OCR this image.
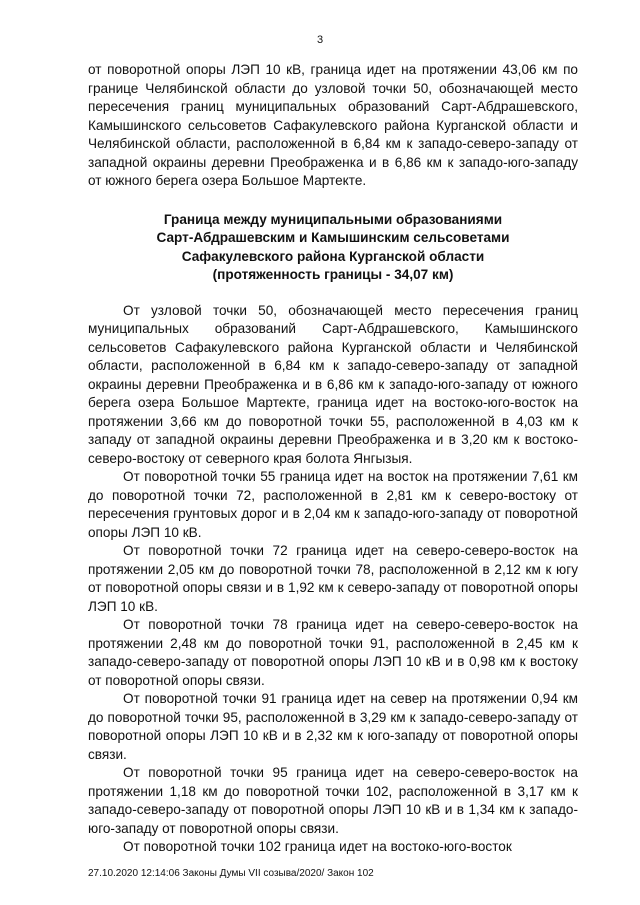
3

от поворотной опоры ЛЭП 10 кВ, граница идет на протяжении 43,06 км по границе Челябинской области до узловой точки 50, обозначающей место пересечения границ муниципальных образований Сарт-Абдрашевского, Камышинского сельсоветов Сафакулевского района Курганской области и Челябинской области, расположенной в 6,84 км к западо-северо-западу от западной окраины деревни Преображенка и в 6,86 км к западо-юго-западу от южного берега озера Большое Мартекте.

Граница между муниципальными образованиями
Сарт-Абдрашевским и Камышинским сельсоветами
Сафакулевского района Курганской области
(протяженность границы - 34,07 км)

От узловой точки 50, обозначающей место пересечения границ муниципальных образований Сарт-Абдрашевского, Камышинского сельсоветов Сафакулевского района Курганской области и Челябинской области, расположенной в 6,84 км к западо-северо-западу от западной окраины деревни Преображенка и в 6,86 км к западо-юго-западу от южного берега озера Большое Мартекте, граница идет на востоко-юго-восток на протяжении 3,66 км до поворотной точки 55, расположенной в 4,03 км к западу от западной окраины деревни Преображенка и в 3,20 км к востоко-северо-востоку от северного края болота Янгызыя.

От поворотной точки 55 граница идет на восток на протяжении 7,61 км до поворотной точки 72, расположенной в 2,81 км к северо-востоку от пересечения грунтовых дорог и в 2,04 км к западо-юго-западу от поворотной опоры ЛЭП 10 кВ.

От поворотной точки 72 граница идет на северо-северо-восток на протяжении 2,05 км до поворотной точки 78, расположенной в 2,12 км к югу от поворотной опоры связи и в 1,92 км к северо-западу от поворотной опоры ЛЭП 10 кВ.

От поворотной точки 78 граница идет на северо-северо-восток на протяжении 2,48 км до поворотной точки 91, расположенной в 2,45 км к западо-северо-западу от поворотной опоры ЛЭП 10 кВ и в 0,98 км к востоку от поворотной опоры связи.

От поворотной точки 91 граница идет на север на протяжении 0,94 км до поворотной точки 95, расположенной в 3,29 км к западо-северо-западу от поворотной опоры ЛЭП 10 кВ и в 2,32 км к юго-западу от поворотной опоры связи.

От поворотной точки 95 граница идет на северо-северо-восток на протяжении 1,18 км до поворотной точки 102, расположенной в 3,17 км к западо-северо-западу от поворотной опоры ЛЭП 10 кВ и в 1,34 км к западо-юго-западу от поворотной опоры связи.

От поворотной точки 102 граница идет на востоко-юго-восток

27.10.2020 12:14:06 Законы Думы VII созыва/2020/ Закон 102
